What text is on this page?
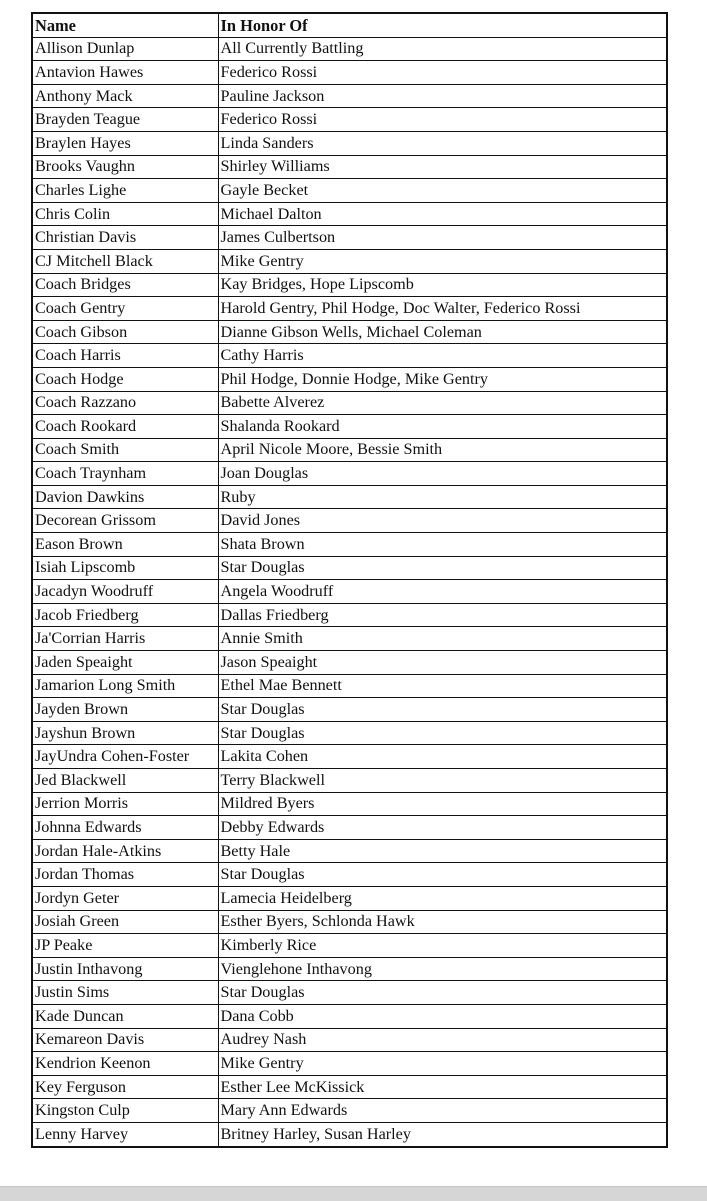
Name	In Honor Of
Allison Dunlap	All Currently Battling
Antavion Hawes	Federico Rossi
Anthony Mack	Pauline Jackson
Brayden Teague	Federico Rossi
Braylen Hayes	Linda Sanders
Brooks Vaughn	Shirley Williams
Charles Lighe	Gayle Becket
Chris Colin	Michael Dalton
Christian Davis	James Culbertson
CJ Mitchell Black	Mike Gentry
Coach Bridges	Kay Bridges, Hope Lipscomb
Coach Gentry	Harold Gentry, Phil Hodge, Doc Walter, Federico Rossi
Coach Gibson	Dianne Gibson Wells, Michael Coleman
Coach Harris	Cathy Harris
Coach Hodge	Phil Hodge, Donnie Hodge, Mike Gentry
Coach Razzano	Babette Alverez
Coach Rookard	Shalanda Rookard
Coach Smith	April Nicole Moore, Bessie Smith
Coach Traynham	Joan Douglas
Davion Dawkins	Ruby
Decorean Grissom	David Jones
Eason Brown	Shata Brown
Isiah Lipscomb	Star Douglas
Jacadyn Woodruff	Angela Woodruff
Jacob Friedberg	Dallas Friedberg
Ja'Corrian Harris	Annie Smith
Jaden Speaight	Jason Speaight
Jamarion Long Smith	Ethel Mae Bennett
Jayden Brown	Star Douglas
Jayshun Brown	Star Douglas
JayUndra Cohen-Foster	Lakita Cohen
Jed Blackwell	Terry Blackwell
Jerrion Morris	Mildred Byers
Johnna Edwards	Debby Edwards
Jordan Hale-Atkins	Betty Hale
Jordan Thomas	Star Douglas
Jordyn Geter	Lamecia Heidelberg
Josiah Green	Esther Byers, Schlonda Hawk
JP Peake	Kimberly Rice
Justin Inthavong	Vienglehone Inthavong
Justin Sims	Star Douglas
Kade Duncan	Dana Cobb
Kemareon Davis	Audrey Nash
Kendrion Keenon	Mike Gentry
Key Ferguson	Esther Lee McKissick
Kingston Culp	Mary Ann Edwards
Lenny Harvey	Britney Harley, Susan Harley
